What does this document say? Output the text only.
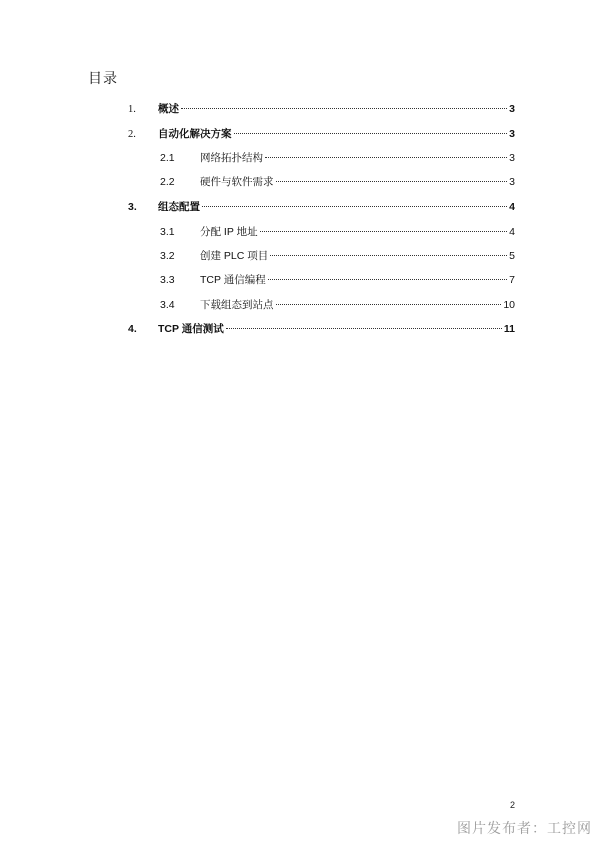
目录
1.	概述	3
2.	自动化解决方案	3
2.1	网络拓扑结构	3
2.2	硬件与软件需求	3
3.	组态配置	4
3.1	分配 IP 地址	4
3.2	创建 PLC 项目	5
3.3	TCP 通信编程	7
3.4	下载组态到站点	10
4.	TCP 通信测试	11
2
图片发布者：工控网
